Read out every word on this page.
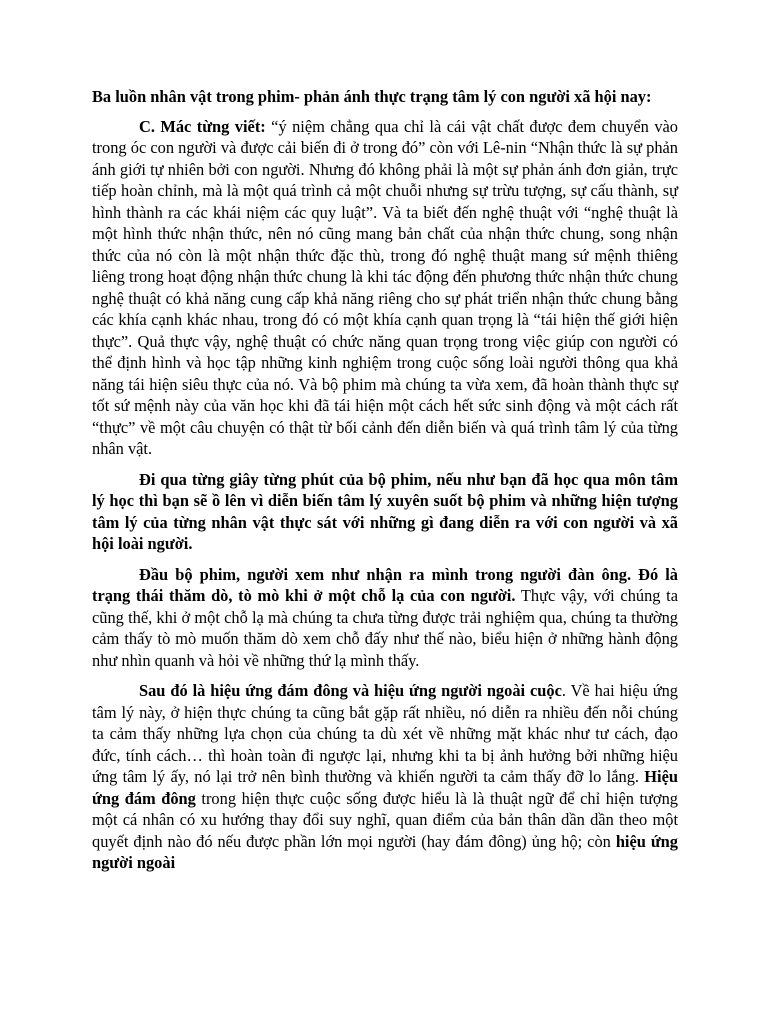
Ba luồn nhân vật trong phim- phản ánh thực trạng tâm lý con người xã hội nay:

C. Mác từng viết: “ý niệm chẳng qua chỉ là cái vật chất được đem chuyển vào trong óc con người và được cải biến đi ở trong đó” còn với Lê-nin “Nhận thức là sự phản ánh giới tự nhiên bởi con người. Nhưng đó không phải là một sự phản ánh đơn giản, trực tiếp hoàn chỉnh, mà là một quá trình cả một chuỗi nhưng sự trừu tượng, sự cấu thành, sự hình thành ra các khái niệm các quy luật”. Và ta biết đến nghệ thuật với “nghệ thuật là một hình thức nhận thức, nên nó cũng mang bản chất của nhận thức chung, song nhận thức của nó còn là một nhận thức đặc thù, trong đó nghệ thuật mang sứ mệnh thiêng liêng trong hoạt động nhận thức chung là khi tác động đến phương thức nhận thức chung nghệ thuật có khả năng cung cấp khả năng riêng cho sự phát triển nhận thức chung bằng các khía cạnh khác nhau, trong đó có một khía cạnh quan trọng là “tái hiện thế giới hiện thực”. Quả thực vậy, nghệ thuật có chức năng quan trọng trong việc giúp con người có thể định hình và học tập những kinh nghiệm trong cuộc sống loài người thông qua khả năng tái hiện siêu thực của nó. Và bộ phim mà chúng ta vừa xem, đã hoàn thành thực sự tốt sứ mệnh này của văn học khi đã tái hiện một cách hết sức sinh động và một cách rất “thực” về một câu chuyện có thật từ bối cảnh đến diễn biến và quá trình tâm lý của từng nhân vật.

Đi qua từng giây từng phút của bộ phim, nếu như bạn đã học qua môn tâm lý học thì bạn sẽ ồ lên vì diễn biến tâm lý xuyên suốt bộ phim và những hiện tượng tâm lý của từng nhân vật thực sát với những gì đang diễn ra với con người và xã hội loài người.

Đầu bộ phim, người xem như nhận ra mình trong người đàn ông. Đó là trạng thái thăm dò, tò mò khi ở một chỗ lạ của con người. Thực vậy, với chúng ta cũng thế, khi ở một chỗ lạ mà chúng ta chưa từng được trải nghiệm qua, chúng ta thường cảm thấy tò mò muốn thăm dò xem chỗ đấy như thế nào, biểu hiện ở những hành động như nhìn quanh và hỏi về những thứ lạ mình thấy.

Sau đó là hiệu ứng đám đông và hiệu ứng người ngoài cuộc. Về hai hiệu ứng tâm lý này, ở hiện thực chúng ta cũng bắt gặp rất nhiều, nó diễn ra nhiều đến nỗi chúng ta cảm thấy những lựa chọn của chúng ta dù xét về những mặt khác như tư cách, đạo đức, tính cách… thì hoàn toàn đi ngược lại, nhưng khi ta bị ảnh hưởng bởi những hiệu ứng tâm lý ấy, nó lại trở nên bình thường và khiến người ta cảm thấy đỡ lo lắng. Hiệu ứng đám đông trong hiện thực cuộc sống được hiểu là là thuật ngữ để chỉ hiện tượng một cá nhân có xu hướng thay đổi suy nghĩ, quan điểm của bản thân dần dần theo một quyết định nào đó nếu được phần lớn mọi người (hay đám đông) ủng hộ; còn hiệu ứng người ngoài
